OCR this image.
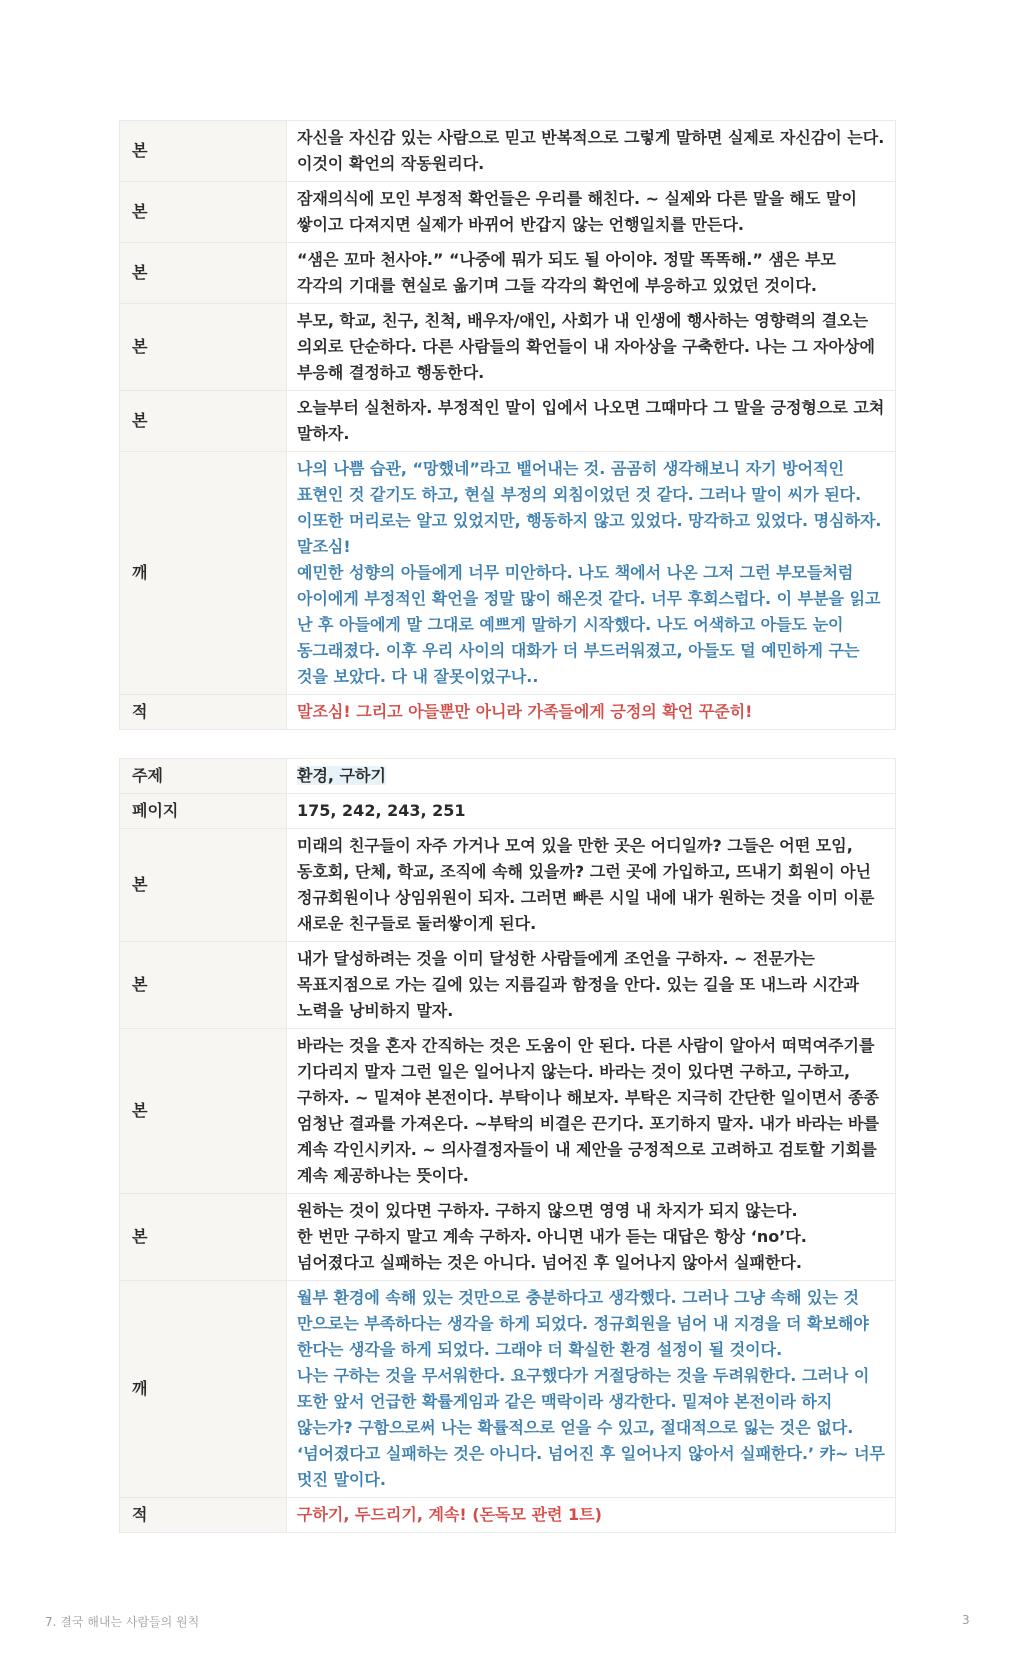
본	자신을 자신감 있는 사람으로 믿고 반복적으로 그렇게 말하면 실제로 자신감이 는다. 이것이 확언의 작동원리다.

본	잠재의식에 모인 부정적 확언들은 우리를 해친다. ~ 실제와 다른 말을 해도 말이 쌓이고 다져지면 실제가 바뀌어 반갑지 않는 언행일치를 만든다.

본	“샘은 꼬마 천사야.” “나중에 뭐가 되도 될 아이야. 정말 똑똑해.” 샘은 부모 각각의 기대를 현실로 옮기며 그들 각각의 확언에 부응하고 있었던 것이다.

본	부모, 학교, 친구, 친척, 배우자/애인, 사회가 내 인생에 행사하는 영향력의 결오는 의외로 단순하다. 다른 사람들의 확언들이 내 자아상을 구축한다. 나는 그 자아상에 부응해 결정하고 행동한다.

본	오늘부터 실천하자. 부정적인 말이 입에서 나오면 그때마다 그 말을 긍정형으로 고쳐 말하자.

깨	나의 나쁨 습관, “망했네”라고 뱉어내는 것. 곰곰히 생각해보니 자기 방어적인 표현인 것 같기도 하고, 현실 부정의 외침이었던 것 같다. 그러나 말이 씨가 된다. 이또한 머리로는 알고 있었지만, 행동하지 않고 있었다. 망각하고 있었다. 명심하자. 말조심!
예민한 성향의 아들에게 너무 미안하다. 나도 책에서 나온 그저 그런 부모들처럼 아이에게 부정적인 확언을 정말 많이 해온것 같다. 너무 후회스럽다. 이 부분을 읽고 난 후 아들에게 말 그대로 예쁘게 말하기 시작했다. 나도 어색하고 아들도 눈이 동그래졌다. 이후 우리 사이의 대화가 더 부드러워졌고, 아들도 덜 예민하게 구는 것을 보았다. 다 내 잘못이었구나..

적	말조심! 그리고 아들뿐만 아니라 가족들에게 긍정의 확언 꾸준히!
주제	환경, 구하기
페이지	175, 242, 243, 251

본	미래의 친구들이 자주 가거나 모여 있을 만한 곳은 어디일까? 그들은 어떤 모임, 동호회, 단체, 학교, 조직에 속해 있을까? 그런 곳에 가입하고, 뜨내기 회원이 아닌 정규회원이나 상임위원이 되자. 그러면 빠른 시일 내에 내가 원하는 것을 이미 이룬 새로운 친구들로 둘러쌓이게 된다.

본	내가 달성하려는 것을 이미 달성한 사람들에게 조언을 구하자. ~ 전문가는 목표지점으로 가는 길에 있는 지름길과 함정을 안다. 있는 길을 또 내느라 시간과 노력을 낭비하지 말자.

본	바라는 것을 혼자 간직하는 것은 도움이 안 된다. 다른 사람이 알아서 떠먹여주기를 기다리지 말자 그런 일은 일어나지 않는다. 바라는 것이 있다면 구하고, 구하고, 구하자. ~ 밑져야 본전이다. 부탁이나 해보자. 부탁은 지극히 간단한 일이면서 종종 엄청난 결과를 가져온다. ~부탁의 비결은 끈기다. 포기하지 말자. 내가 바라는 바를 계속 각인시키자. ~ 의사결정자들이 내 제안을 긍정적으로 고려하고 검토할 기회를 계속 제공하나는 뜻이다.

본	원하는 것이 있다면 구하자. 구하지 않으면 영영 내 차지가 되지 않는다.
한 번만 구하지 말고 계속 구하자. 아니면 내가 듣는 대답은 항상 ‘no’다.
넘어졌다고 실패하는 것은 아니다. 넘어진 후 일어나지 않아서 실패한다.

깨	월부 환경에 속해 있는 것만으로 충분하다고 생각했다. 그러나 그냥 속해 있는 것 만으로는 부족하다는 생각을 하게 되었다. 정규회원을 넘어 내 지경을 더 확보해야 한다는 생각을 하게 되었다. 그래야 더 확실한 환경 설정이 될 것이다.
나는 구하는 것을 무서워한다. 요구했다가 거절당하는 것을 두려워한다. 그러나 이 또한 앞서 언급한 확률게임과 같은 맥락이라 생각한다. 밑져야 본전이라 하지 않는가? 구함으로써 나는 확률적으로 얻을 수 있고, 절대적으로 잃는 것은 없다. ‘넘어졌다고 실패하는 것은 아니다. 넘어진 후 일어나지 않아서 실패한다.’ 캬~ 너무 멋진 말이다.

적	구하기, 두드리기, 계속! (돈독모 관련 1트)
7. 결국 해내는 사람들의 원칙	3
